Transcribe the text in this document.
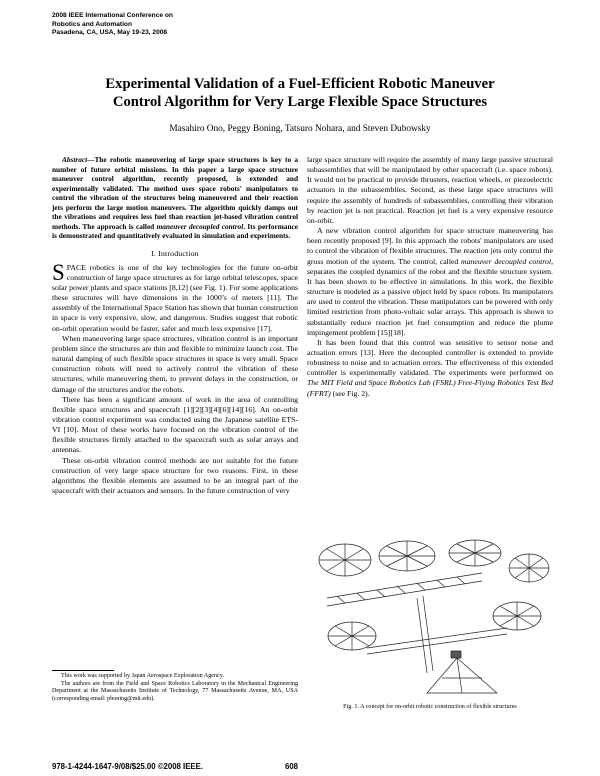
2008 IEEE International Conference on
Robotics and Automation
Pasadena, CA, USA, May 19-23, 2008
Experimental Validation of a Fuel-Efficient Robotic Maneuver
Control Algorithm for Very Large Flexible Space Structures
Masahiro Ono, Peggy Boning, Tatsuro Nohara, and Steven Dubowsky

Abstract—The robotic maneuvering of large space structures is key to a number of future orbital missions. In this paper a large space structure maneuver control algorithm, recently proposed, is extended and experimentally validated. The method uses space robots' manipulators to control the vibration of the structures being maneuvered and their reaction jets perform the large motion maneuvers. The algorithm quickly damps out the vibrations and requires less fuel than reaction jet-based vibration control methods. The approach is called maneuver decoupled control. Its performance is demonstrated and quantitatively evaluated in simulation and experiments.

I. Introduction

SPACE robotics is one of the key technologies for the future on-orbit construction of large space structures as for large orbital telescopes, space solar power plants and space stations [8,12] (see Fig. 1). For some applications these structures will have dimensions in the 1000’s of meters [11]. The assembly of the International Space Station has shown that human construction in space is very expensive, slow, and dangerous. Studies suggest that robotic on-orbit operation would be faster, safer and much less expensive [17].

When maneuvering large space structures, vibration control is an important problem since the structures are thin and flexible to minimize launch cost. The natural damping of such flexible space structures in space is very small. Space construction robots will need to actively control the vibration of these structures, while maneuvering them, to prevent delays in the construction, or damage of the structures and/or the robots.

There has been a significant amount of work in the area of controlling flexible space structures and spacecraft [1][2][3][4][6][14][16]. An on-orbit vibration control experiment was conducted using the Japanese satellite ETS-VI [10]. Most of these works have focused on the vibration control of the flexible structures firmly attached to the spacecraft such as solar arrays and antennas.

These on-orbit vibration control methods are not suitable for the future construction of very large space structure for two reasons. First, in these algorithms the flexible elements are assumed to be an integral part of the spacecraft with their actuators and sensors. In the future construction of very

This work was supported by Japan Aerospace Exploration Agency.

The authors are from the Field and Space Robotics Laboratory in the Mechanical Engineering Department at the Massachusetts Institute of Technology, 77 Massachusetts Avenue, MA, USA (corresponding email: pboning@mit.edu).

large space structure will require the assembly of many large passive structural subassemblies that will be manipulated by other spacecraft (i.e. space robots). It would not be practical to provide thrusters, reaction wheels, or piezoelectric actuators in the subassemblies. Second, as these large space structures will require the assembly of hundreds of subassemblies, controlling their vibration by reaction jet is not practical. Reaction jet fuel is a very expensive resource on-orbit.

A new vibration control algorithm for space structure maneuvering has been recently proposed [9]. In this approach the robots' manipulators are used to control the vibration of flexible structures. The reaction jets only control the gross motion of the system. The control, called maneuver decoupled control, separates the coupled dynamics of the robot and the flexible structure system. It has been shown to be effective in simulations. In this work, the flexible structure is modeled as a passive object held by space robots. Its manipulators are used to control the vibration. These manipulators can be powered with only limited restriction from photo-voltaic solar arrays. This approach is shown to substantially reduce reaction jet fuel consumption and reduce the plume impingement problem [15][18].

It has been found that this control was sensitive to sensor noise and actuation errors [13]. Here the decoupled controller is extended to provide robustness to noise and to actuation errors. The effectiveness of this extended controller is experimentally validated. The experiments were performed on The MIT Field and Space Robotics Lab (FSRL) Free-Flying Robotics Test Bed (FFRT) (see Fig. 2).

Fig. 1. A concept for on-orbit robotic construction of flexible structures
978-1-4244-1647-9/08/$25.00 ©2008 IEEE.	608
